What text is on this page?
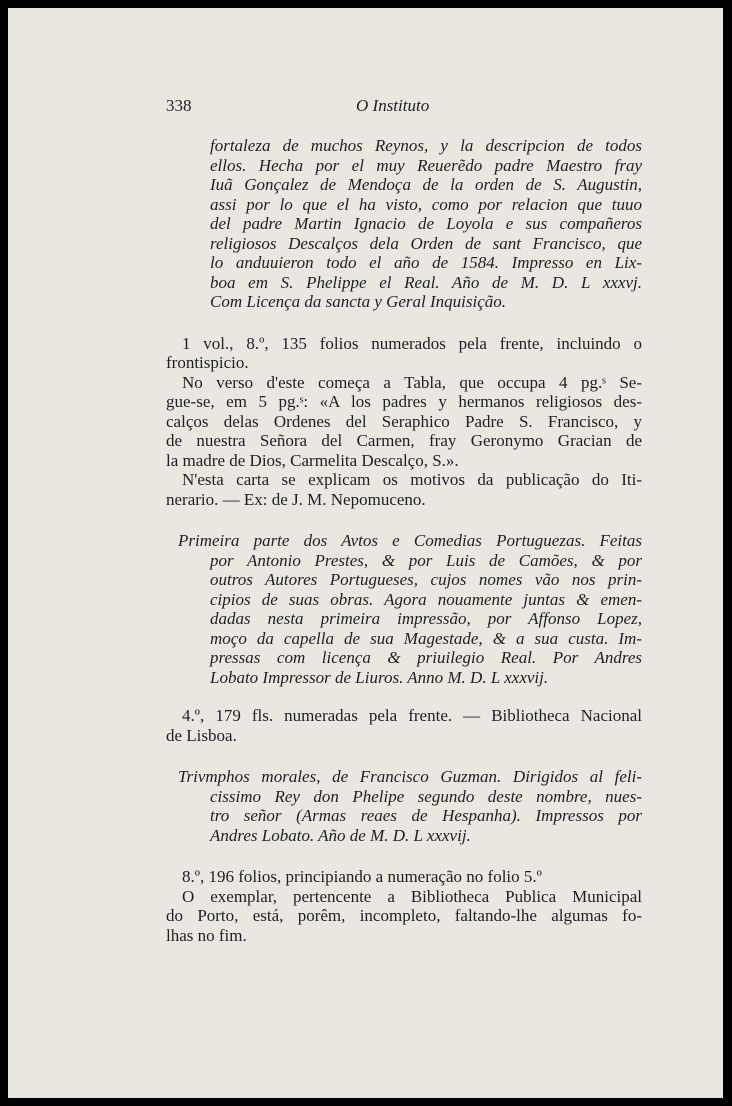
338	O Instituto
fortaleza de muchos Reynos, y la descripcion de todos
ellos. Hecha por el muy Reuerẽdo padre Maestro fray
Iuã Gonçalez de Mendoça de la orden de S. Augustin,
assi por lo que el ha visto, como por relacion que tuuo
del padre Martin Ignacio de Loyola e sus compañeros
religiosos Descalços dela Orden de sant Francisco, que
lo anduuieron todo el año de 1584. Impresso en Lix-
boa em S. Phelippe el Real. Año de M. D. L xxxvj.
Com Licença da sancta y Geral Inquisição.
1 vol., 8.º, 135 folios numerados pela frente, incluindo o
frontispicio.
No verso d'este começa a Tabla, que occupa 4 pg.ˢ Se-
gue-se, em 5 pg.ˢ: «A los padres y hermanos religiosos des-
calços delas Ordenes del Seraphico Padre S. Francisco, y
de nuestra Señora del Carmen, fray Geronymo Gracian de
la madre de Dios, Carmelita Descalço, S.».
N'esta carta se explicam os motivos da publicação do Iti-
nerario. — Ex: de J. M. Nepomuceno.
Primeira parte dos Avtos e Comedias Portuguezas. Feitas
por Antonio Prestes, & por Luis de Camões, & por
outros Autores Portugueses, cujos nomes vão nos prin-
cipios de suas obras. Agora nouamente juntas & emen-
dadas nesta primeira impressão, por Affonso Lopez,
moço da capella de sua Magestade, & a sua custa. Im-
pressas com licença & priuilegio Real. Por Andres
Lobato Impressor de Liuros. Anno M. D. L xxxvij.
4.º, 179 fls. numeradas pela frente. — Bibliotheca Nacional
de Lisboa.
Trivmphos morales, de Francisco Guzman. Dirigidos al feli-
cissimo Rey don Phelipe segundo deste nombre, nues-
tro señor (Armas reaes de Hespanha). Impressos por
Andres Lobato. Año de M. D. L xxxvij.
8.º, 196 folios, principiando a numeração no folio 5.º
O exemplar, pertencente a Bibliotheca Publica Municipal
do Porto, está, porêm, incompleto, faltando-lhe algumas fo-
lhas no fim.
